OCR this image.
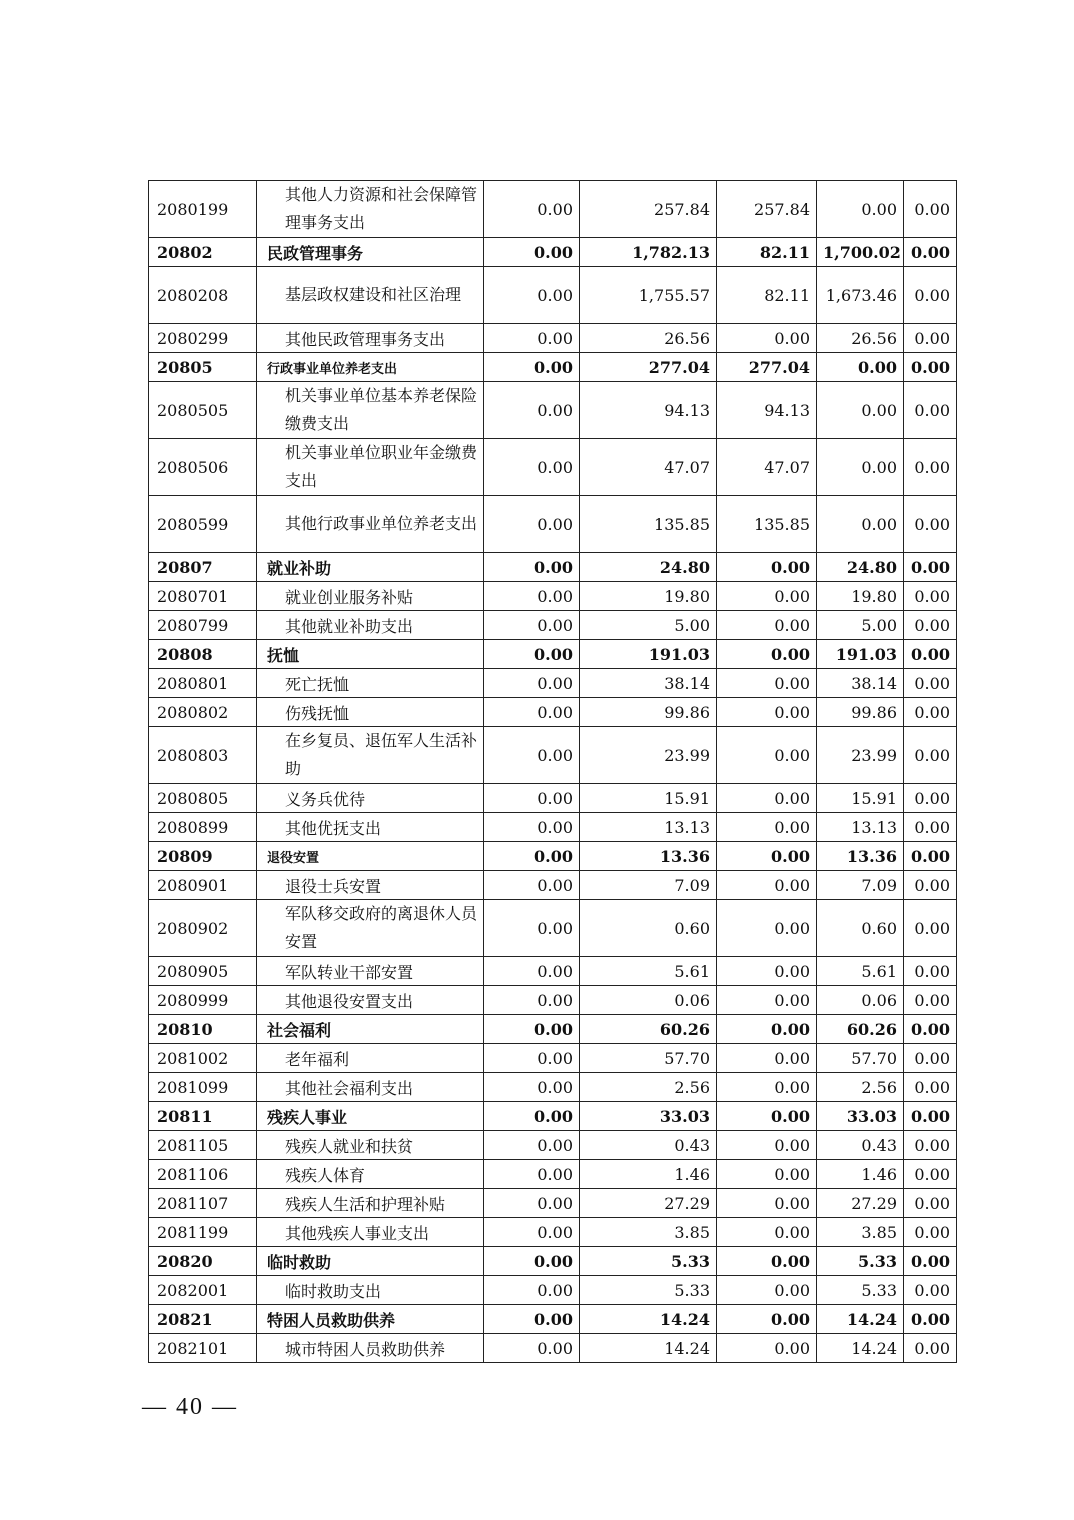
2080199	其他人力资源和社会保障管理事务支出	0.00	257.84	257.84	0.00	0.00
20802	民政管理事务	0.00	1,782.13	82.11	1,700.02	0.00
2080208	基层政权建设和社区治理	0.00	1,755.57	82.11	1,673.46	0.00
2080299	其他民政管理事务支出	0.00	26.56	0.00	26.56	0.00
20805	行政事业单位养老支出	0.00	277.04	277.04	0.00	0.00
2080505	机关事业单位基本养老保险缴费支出	0.00	94.13	94.13	0.00	0.00
2080506	机关事业单位职业年金缴费支出	0.00	47.07	47.07	0.00	0.00
2080599	其他行政事业单位养老支出	0.00	135.85	135.85	0.00	0.00
20807	就业补助	0.00	24.80	0.00	24.80	0.00
2080701	就业创业服务补贴	0.00	19.80	0.00	19.80	0.00
2080799	其他就业补助支出	0.00	5.00	0.00	5.00	0.00
20808	抚恤	0.00	191.03	0.00	191.03	0.00
2080801	死亡抚恤	0.00	38.14	0.00	38.14	0.00
2080802	伤残抚恤	0.00	99.86	0.00	99.86	0.00
2080803	在乡复员、退伍军人生活补助	0.00	23.99	0.00	23.99	0.00
2080805	义务兵优待	0.00	15.91	0.00	15.91	0.00
2080899	其他优抚支出	0.00	13.13	0.00	13.13	0.00
20809	退役安置	0.00	13.36	0.00	13.36	0.00
2080901	退役士兵安置	0.00	7.09	0.00	7.09	0.00
2080902	军队移交政府的离退休人员安置	0.00	0.60	0.00	0.60	0.00
2080905	军队转业干部安置	0.00	5.61	0.00	5.61	0.00
2080999	其他退役安置支出	0.00	0.06	0.00	0.06	0.00
20810	社会福利	0.00	60.26	0.00	60.26	0.00
2081002	老年福利	0.00	57.70	0.00	57.70	0.00
2081099	其他社会福利支出	0.00	2.56	0.00	2.56	0.00
20811	残疾人事业	0.00	33.03	0.00	33.03	0.00
2081105	残疾人就业和扶贫	0.00	0.43	0.00	0.43	0.00
2081106	残疾人体育	0.00	1.46	0.00	1.46	0.00
2081107	残疾人生活和护理补贴	0.00	27.29	0.00	27.29	0.00
2081199	其他残疾人事业支出	0.00	3.85	0.00	3.85	0.00
20820	临时救助	0.00	5.33	0.00	5.33	0.00
2082001	临时救助支出	0.00	5.33	0.00	5.33	0.00
20821	特困人员救助供养	0.00	14.24	0.00	14.24	0.00
2082101	城市特困人员救助供养	0.00	14.24	0.00	14.24	0.00
— 40 —
